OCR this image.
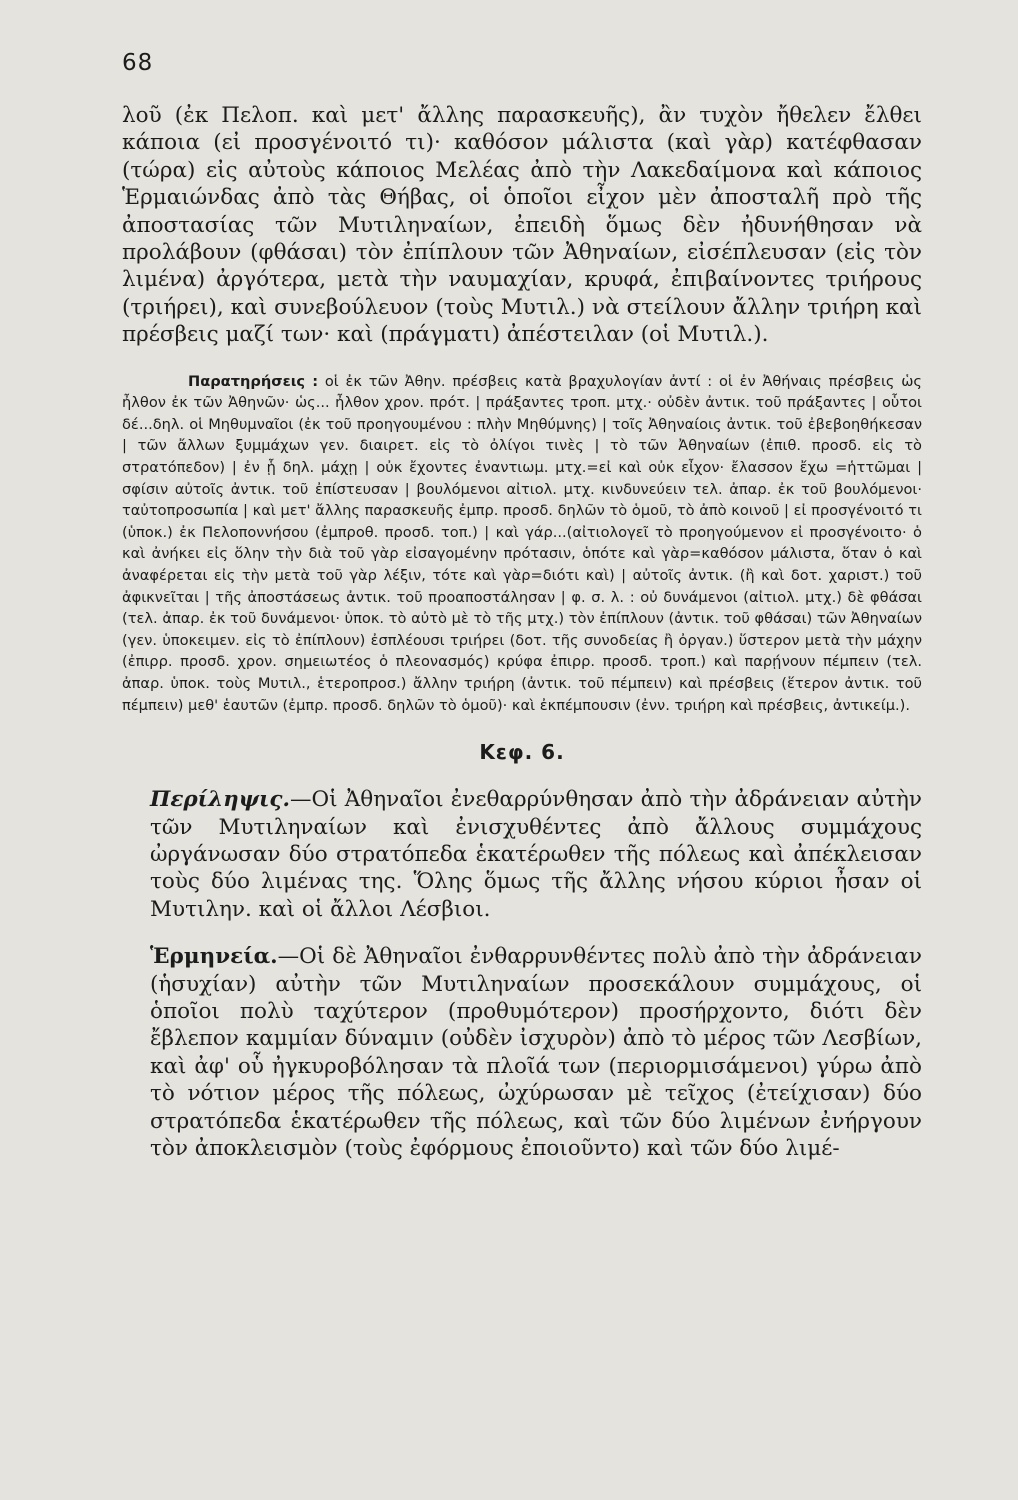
68

λοῦ (ἐκ Πελοπ. καὶ μετ' ἄλλης παρασκευῆς), ἂν τυχὸν ἤθελεν ἔλθει κάποια (εἰ προσγένοιτό τι)· καθόσον μάλιστα (καὶ γὰρ) κατέφθασαν (τώρα) εἰς αὐτοὺς κάποιος Μελέας ἀπὸ τὴν Λακεδαίμονα καὶ κάποιος Ἑρμαιώνδας ἀπὸ τὰς Θήβας, οἱ ὁποῖοι εἶχον μὲν ἀποσταλῆ πρὸ τῆς ἀποστασίας τῶν Μυτιληναίων, ἐπειδὴ ὅμως δὲν ἠδυνήθησαν νὰ προλάβουν (φθάσαι) τὸν ἐπίπλουν τῶν Ἀθηναίων, εἰσέπλευσαν (εἰς τὸν λιμένα) ἀργότερα, μετὰ τὴν ναυμαχίαν, κρυφά, ἐπιβαίνοντες τριήρους (τριήρει), καὶ συνεβούλευον (τοὺς Μυτιλ.) νὰ στείλουν ἄλλην τριήρη καὶ πρέσβεις μαζί των· καὶ (πράγματι) ἀπέστειλαν (οἱ Μυτιλ.).

Παρατηρήσεις : οἱ ἐκ τῶν Ἀθην. πρέσβεις κατὰ βραχυλογίαν ἀντί : οἱ ἐν Ἀθήναις πρέσβεις ὡς ἦλθον ἐκ τῶν Ἀθηνῶν· ὡς... ἦλθον χρον. πρότ. | πράξαντες τροπ. μτχ.· οὐδὲν ἀντικ. τοῦ πράξαντες | οὗτοι δέ...δηλ. οἱ Μηθυμναῖοι (ἐκ τοῦ προηγουμένου : πλὴν Μηθύμνης) | τοῖς Ἀθηναίοις ἀντικ. τοῦ ἐβεβοηθήκεσαν | τῶν ἄλλων ξυμμάχων γεν. διαιρετ. εἰς τὸ ὀλίγοι τινὲς | τὸ τῶν Ἀθηναίων (ἐπιθ. προσδ. εἰς τὸ στρατόπεδον) | ἐν ᾗ δηλ. μάχῃ | οὐκ ἔχοντες ἐναντιωμ. μτχ.=εἰ καὶ οὐκ εἶχον· ἔλασσον ἔχω =ἡττῶμαι | σφίσιν αὐτοῖς ἀντικ. τοῦ ἐπίστευσαν | βουλόμενοι αἰτιολ. μτχ. κινδυνεύειν τελ. ἀπαρ. ἐκ τοῦ βουλόμενοι· ταὐτοπροσωπία | καὶ μετ' ἄλλης παρασκευῆς ἐμπρ. προσδ. δηλῶν τὸ ὁμοῦ, τὸ ἀπὸ κοινοῦ | εἰ προσγένοιτό τι (ὑποκ.) ἐκ Πελοποννήσου (ἐμπροθ. προσδ. τοπ.) | καὶ γάρ...(αἰτιολογεῖ τὸ προηγούμενον εἰ προσγένοιτο· ὁ καὶ ἀνήκει εἰς ὅλην τὴν διὰ τοῦ γὰρ εἰσαγομένην πρότασιν, ὁπότε καὶ γὰρ=καθόσον μάλιστα, ὅταν ὁ καὶ ἀναφέρεται εἰς τὴν μετὰ τοῦ γὰρ λέξιν, τότε καὶ γὰρ=διότι καὶ) | αὐτοῖς ἀντικ. (ἢ καὶ δοτ. χαριστ.) τοῦ ἀφικνεῖται | τῆς ἀποστάσεως ἀντικ. τοῦ προαποστάλησαν | φ. σ. λ. : οὐ δυνάμενοι (αἰτιολ. μτχ.) δὲ φθάσαι (τελ. ἀπαρ. ἐκ τοῦ δυνάμενοι· ὑποκ. τὸ αὐτὸ μὲ τὸ τῆς μτχ.) τὸν ἐπίπλουν (ἀντικ. τοῦ φθάσαι) τῶν Ἀθηναίων (γεν. ὑποκειμεν. εἰς τὸ ἐπίπλουν) ἐσπλέουσι τριήρει (δοτ. τῆς συνοδείας ἢ ὀργαν.) ὕστερον μετὰ τὴν μάχην (ἐπιρρ. προσδ. χρον. σημειωτέος ὁ πλεονασμός) κρύφα ἐπιρρ. προσδ. τροπ.) καὶ παρῄνουν πέμπειν (τελ. ἀπαρ. ὑποκ. τοὺς Μυτιλ., ἑτεροπροσ.) ἄλλην τριήρη (ἀντικ. τοῦ πέμπειν) καὶ πρέσβεις (ἕτερον ἀντικ. τοῦ πέμπειν) μεθ' ἑαυτῶν (ἐμπρ. προσδ. δηλῶν τὸ ὁμοῦ)· καὶ ἐκπέμπουσιν (ἐνν. τριήρη καὶ πρέσβεις, ἀντικείμ.).

Κεφ. 6.

Περίληψις.—Οἱ Ἀθηναῖοι ἐνεθαρρύνθησαν ἀπὸ τὴν ἀδράνειαν αὐτὴν τῶν Μυτιληναίων καὶ ἐνισχυθέντες ἀπὸ ἄλλους συμμάχους ὠργάνωσαν δύο στρατόπεδα ἑκατέρωθεν τῆς πόλεως καὶ ἀπέκλεισαν τοὺς δύο λιμένας της. Ὅλης ὅμως τῆς ἄλλης νήσου κύριοι ἦσαν οἱ Μυτιλην. καὶ οἱ ἄλλοι Λέσβιοι.

Ἑρμηνεία.—Οἱ δὲ Ἀθηναῖοι ἐνθαρρυνθέντες πολὺ ἀπὸ τὴν ἀδράνειαν (ἡσυχίαν) αὐτὴν τῶν Μυτιληναίων προσεκάλουν συμμάχους, οἱ ὁποῖοι πολὺ ταχύτερον (προθυμότερον) προσήρχοντο, διότι δὲν ἔβλεπον καμμίαν δύναμιν (οὐδὲν ἰσχυρὸν) ἀπὸ τὸ μέρος τῶν Λεσβίων, καὶ ἀφ' οὗ ἠγκυροβόλησαν τὰ πλοῖά των (περιορμισάμενοι) γύρω ἀπὸ τὸ νότιον μέρος τῆς πόλεως, ὠχύρωσαν μὲ τεῖχος (ἐτείχισαν) δύο στρατόπεδα ἑκατέρωθεν τῆς πόλεως, καὶ τῶν δύο λιμένων ἐνήργουν τὸν ἀποκλεισμὸν (τοὺς ἐφόρμους ἐποιοῦντο) καὶ τῶν δύο λιμέ-
